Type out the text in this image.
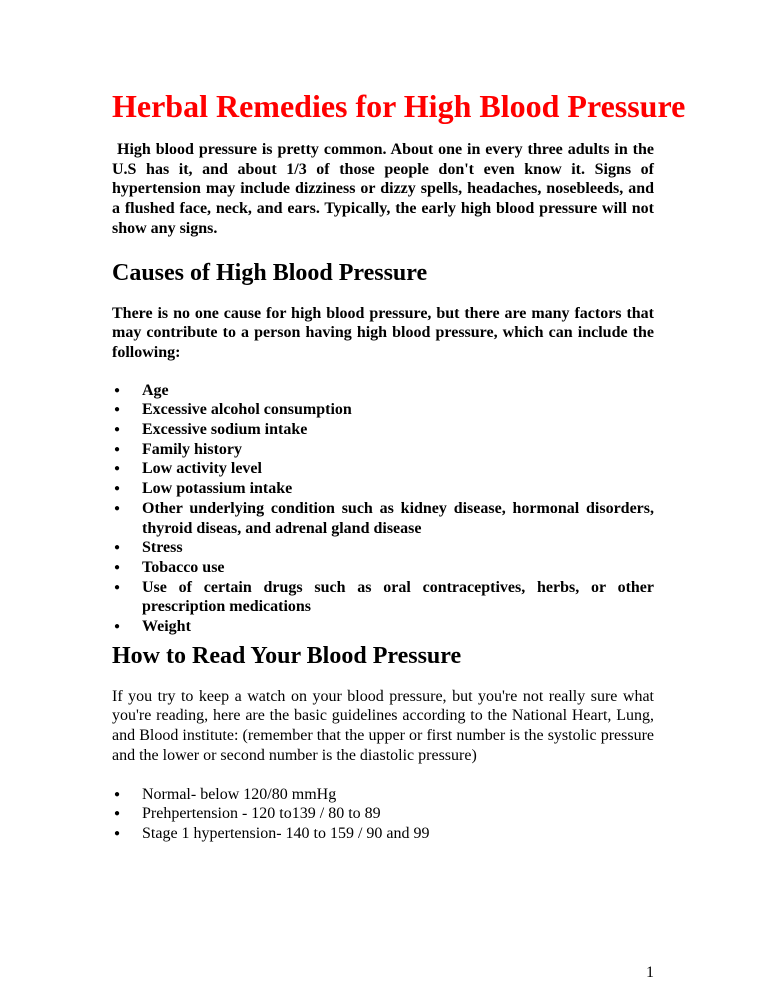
Herbal Remedies for High Blood Pressure

High blood pressure is pretty common. About one in every three adults in the U.S has it, and about 1/3 of those people don't even know it. Signs of hypertension may include dizziness or dizzy spells, headaches, nosebleeds, and a flushed face, neck, and ears. Typically, the early high blood pressure will not show any signs.

Causes of High Blood Pressure

There is no one cause for high blood pressure, but there are many factors that may contribute to a person having high blood pressure, which can include the following:

● Age
● Excessive alcohol consumption
● Excessive sodium intake
● Family history
● Low activity level
● Low potassium intake
● Other underlying condition such as kidney disease, hormonal disorders, thyroid diseas, and adrenal gland disease
● Stress
● Tobacco use
● Use of certain drugs such as oral contraceptives, herbs, or other prescription medications
● Weight
How to Read Your Blood Pressure

If you try to keep a watch on your blood pressure, but you're not really sure what you're reading, here are the basic guidelines according to the National Heart, Lung, and Blood institute: (remember that the upper or first number is the systolic pressure and the lower or second number is the diastolic pressure)

● Normal- below 120/80 mmHg
● Prehpertension - 120 to139 / 80 to 89
● Stage 1 hypertension- 140 to 159 / 90 and 99
1
